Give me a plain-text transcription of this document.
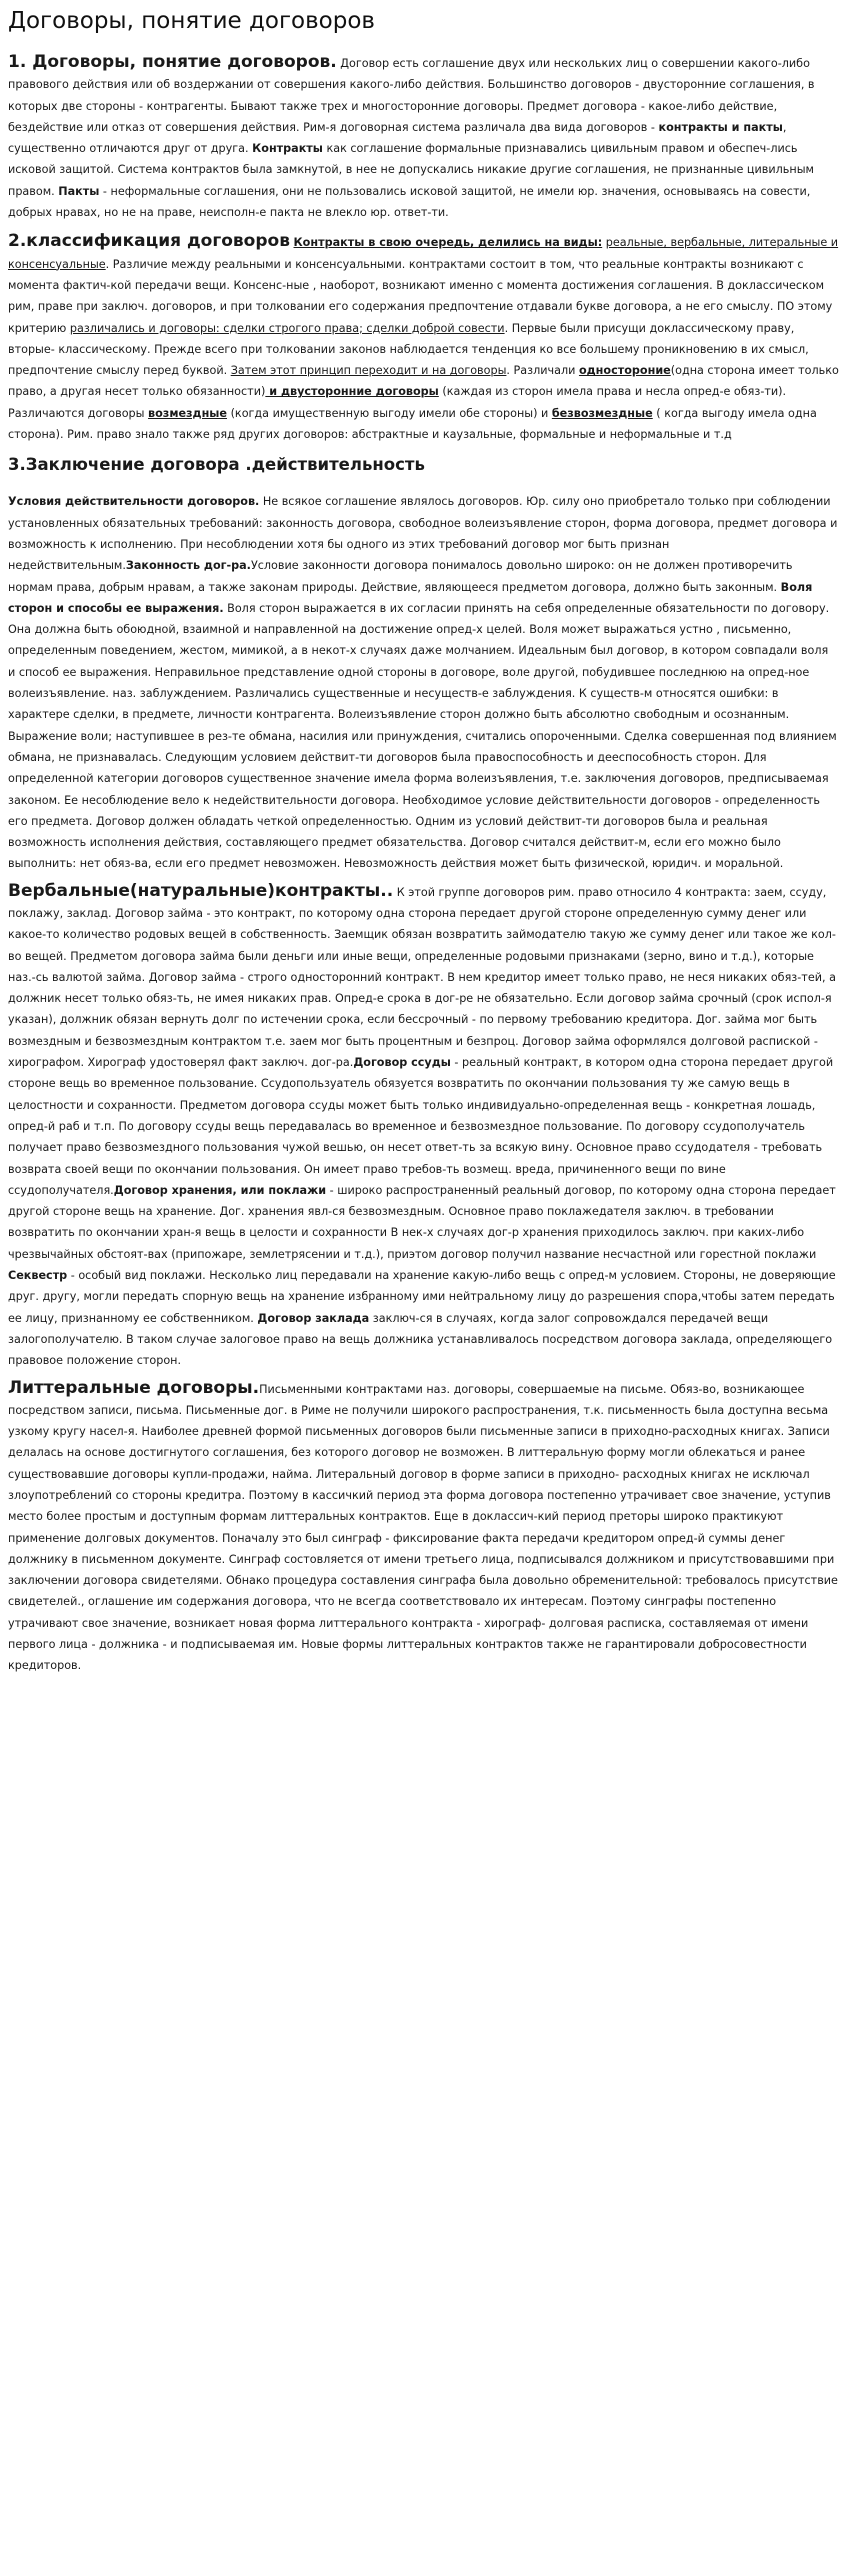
Договоры, понятие договоров

1. Договоры, понятие договоров. Договор есть соглашение двух или нескольких лиц о совершении какого-либо правового действия или об воздержании от совершения какого-либо действия. Большинство договоров - двусторонние соглашения, в которых две стороны - контрагенты. Бывают также трех и многосторонние договоры. Предмет договора - какое-либо действие, бездействие или отказ от совершения действия. Рим-я договорная система различала два вида договоров - контракты и пакты, существенно отличаются друг от друга. Контракты как соглашение формальные признавались цивильным правом и обеспеч-лись исковой защитой. Система контрактов была замкнутой, в нее не допускались никакие другие соглашения, не признанные цивильным правом. Пакты - неформальные соглашения, они не пользовались исковой защитой, не имели юр. значения, основываясь на совести, добрых нравах, но не на праве, неисполн-е пакта не влекло юр. ответ-ти.

2.классификация договоров Контракты в свою очередь, делились на виды: реальные, вербальные, литеральные и консенсуальные. Различие между реальными и консенсуальными. контрактами состоит в том, что реальные контракты возникают с момента фактич-кой передачи вещи. Консенс-ные , наоборот, возникают именно с момента достижения соглашения. В доклассическом рим, праве при заключ. договоров, и при толковании его содержания предпочтение отдавали букве договора, а не его смыслу. ПО этому критерию различались и договоры: сделки строгого права; сделки доброй совести. Первые были присущи доклассическому праву, вторые- классическому. Прежде всего при толковании законов наблюдается тенденция ко все большему проникновению в их смысл, предпочтение смыслу перед буквой. Затем этот принцип переходит и на договоры. Различали одностороние(одна сторона имеет только право, а другая несет только обязанности) и двусторонние договоры (каждая из сторон имела права и несла опред-е обяз-ти). Различаются договоры возмездные (когда имущественную выгоду имели обе стороны) и безвозмездные ( когда выгоду имела одна сторона). Рим. право знало также ряд других договоров: абстрактные и каузальные, формальные и неформальные и т.д

3.Заключение договора .действительность

Условия действительности договоров. Не всякое соглашение являлось договоров. Юр. силу оно приобретало только при соблюдении установленных обязательных требований: законность договора, свободное волеизъявление сторон, форма договора, предмет договора и возможность к исполнению. При несоблюдении хотя бы одного из этих требований договор мог быть признан недействительным.Законность дог-ра.Условие законности договора понималось довольно широко: он не должен противоречить нормам права, добрым нравам, а также законам природы. Действие, являющееся предметом договора, должно быть законным. Воля сторон и способы ее выражения. Воля сторон выражается в их согласии принять на себя определенные обязательности по договору. Она должна быть обоюдной, взаимной и направленной на достижение опред-х целей. Воля может выражаться устно , письменно, определенным поведением, жестом, мимикой, а в некот-х случаях даже молчанием. Идеальным был договор, в котором совпадали воля и способ ее выражения. Неправильное представление одной стороны в договоре, воле другой, побудившее последнюю на опред-ное волеизъявление. наз. заблуждением. Различались существенные и несуществ-е заблуждения. К существ-м относятся ошибки: в характере сделки, в предмете, личности контрагента. Волеизъявление сторон должно быть абсолютно свободным и осознанным. Выражение воли; наступившее в рез-те обмана, насилия или принуждения, считались опороченными. Сделка совершенная под влиянием обмана, не признавалась. Следующим условием действит-ти договоров была правоспособность и дееспособность сторон. Для определенной категории договоров существенное значение имела форма волеизъявления, т.е. заключения договоров, предписываемая законом. Ее несоблюдение вело к недействительности договора. Необходимое условие действительности договоров - определенность его предмета. Договор должен обладать четкой определенностью. Одним из условий действит-ти договоров была и реальная возможность исполнения действия, составляющего предмет обязательства. Договор считался действит-м, если его можно было выполнить: нет обяз-ва, если его предмет невозможен. Невозможность действия может быть физической, юридич. и моральной.

Вербальные(натуральные)контракты.. К этой группе договоров рим. право относило 4 контракта: заем, ссуду, поклажу, заклад. Договор займа - это контракт, по которому одна сторона передает другой стороне определенную сумму денег или какое-то количество родовых вещей в собственность. Заемщик обязан возвратить займодателю такую же сумму денег или такое же кол-во вещей. Предметом договора займа были деньги или иные вещи, определенные родовыми признаками (зерно, вино и т.д.), которые наз.-сь валютой займа. Договор займа - строго односторонний контракт. В нем кредитор имеет только право, не неся никаких обяз-тей, а должник несет только обяз-ть, не имея никаких прав. Опред-е срока в дог-ре не обязательно. Если договор займа срочный (срок испол-я указан), должник обязан вернуть долг по истечении срока, если бессрочный - по первому требованию кредитора. Дог. займа мог быть возмездным и безвозмездным контрактом т.е. заем мог быть процентным и безпроц. Договор займа оформлялся долговой распиской - хирографом. Хирограф удостоверял факт заключ. дог-ра.Договор ссуды - реальный контракт, в котором одна сторона передает другой стороне вещь во временное пользование. Ссудопользуатель обязуется возвратить по окончании пользования ту же самую вещь в целостности и сохранности. Предметом договора ссуды может быть только индивидуально-определенная вещь - конкретная лошадь, опред-й раб и т.п. По договору ссуды вещь передавалась во временное и безвозмездное пользование. По договору ссудополучатель получает право безвозмездного пользования чужой вешью, он несет ответ-ть за всякую вину. Основное право ссудодателя - требовать возврата своей вещи по окончании пользования. Он имеет право требов-ть возмещ. вреда, причиненного вещи по вине ссудополучателя.Договор хранения, или поклажи - широко распространенный реальный договор, по которому одна сторона передает другой стороне вещь на хранение. Дог. хранения явл-ся безвозмездным. Основное право поклажедателя заключ. в требовании возвратить по окончании хран-я вещь в целости и сохранности В нек-х случаях дог-р хранения приходилось заключ. при каких-либо чрезвычайных обстоят-вах (припожаре, землетрясении и т.д.), приэтом договор получил название несчастной или горестной поклажи Секвестр - особый вид поклажи. Несколько лиц передавали на хранение какую-либо вещь с опред-м условием. Стороны, не доверяющие друг. другу, могли передать спорную вещь на хранение избранному ими нейтральному лицу до разрешения спора,чтобы затем передать ее лицу, признанному ее собственником. Договор заклада заключ-ся в случаях, когда залог сопровождался передачей вещи залогополучателю. В таком случае залоговое право на вещь должника устанавливалось посредством договора заклада, определяющего правовое положение сторон.

Литтеральные договоры.Письменными контрактами наз. договоры, совершаемые на письме. Обяз-во, возникающее посредством записи, письма. Письменные дог. в Риме не получили широкого распространения, т.к. письменность была доступна весьма узкому кругу насел-я. Наиболее древней формой письменных договоров были письменные записи в приходно-расходных книгах. Записи делалась на основе достигнутого соглашения, без которого договор не возможен. В литтеральную форму могли облекаться и ранее существовавшие договоры купли-продажи, найма. Литеральный договор в форме записи в приходно- расходных книгах не исключал злоупотреблений со стороны кредитра. Поэтому в кассичкий период эта форма договора постепенно утрачивает свое значение, уступив место более простым и доступным формам литтеральных контрактов. Еще в доклассич-кий период преторы широко практикуют применение долговых документов. Поначалу это был синграф - фиксирование факта передачи кредитором опред-й суммы денег должнику в письменном документе. Синграф состовляется от имени третьего лица, подписывался должником и присутствовавшими при заключении договора свидетелями. Обнако процедура составления синграфа была довольно обременительной: требовалось присутствие свидетелей., оглашение им содержания договора, что не всегда соответствовало их интересам. Поэтому синграфы постепенно утрачивают свое значение, возникает новая форма литтерального контракта - хирограф- долговая расписка, составляемая от имени первого лица - должника - и подписываемая им. Новые формы литтеральных контрактов также не гарантировали добросовестности кредиторов.
